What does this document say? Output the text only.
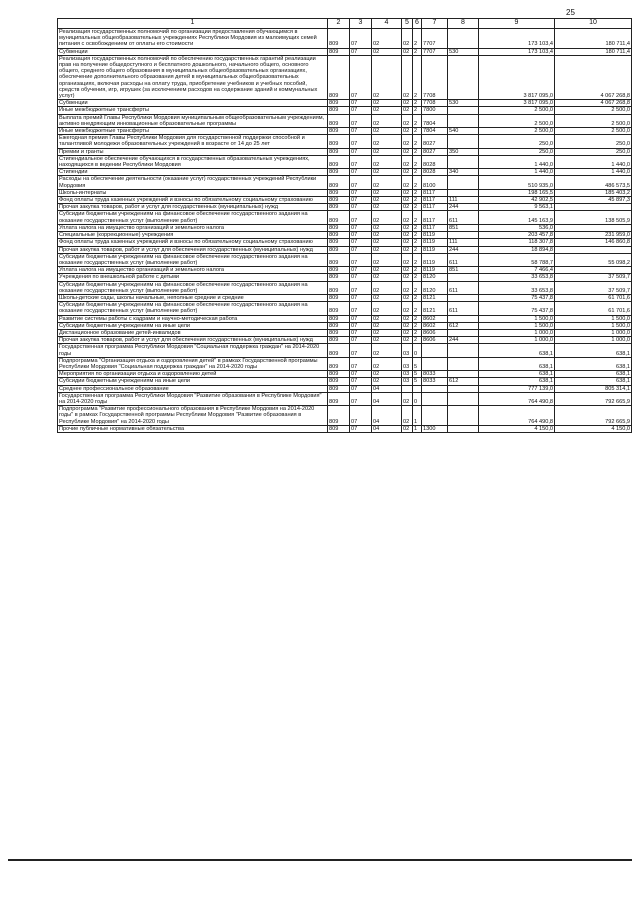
25
1	2	3	4	5	6	7	8	9	10
Реализация государственных полномочий по организации предоставления обучающимся в муниципальных общеобразовательных учреждениях Республики Мордовия из малоимущих семей питания с освобождением от оплаты его стоимости	809	07	02	02	2	7707		173 103,4	180 711,4
Субвенции	809	07	02	02	2	7707	530	173 103,4	180 711,4
Реализация государственных полномочий по обеспечению государственных гарантий реализации прав на получение общедоступного и бесплатного дошкольного, начального общего, основного общего, среднего общего образования в муниципальных общеобразовательных организациях, обеспечение дополнительного образования детей в муниципальных общеобразовательных организациях, включая расходы на оплату труда, приобретение учебников и учебных пособий, средств обучения, игр, игрушек (за исключением расходов на содержание зданий и коммунальных услуг)	809	07	02	02	2	7708		3 817 095,0	4 067 268,8
Субвенции	809	07	02	02	2	7708	530	3 817 095,0	4 067 268,8
Иные межбюджетные трансферты	809	07	02	02	2	7800		2 500,0	2 500,0
Выплата премий Главы Республики Мордовия муниципальным общеобразовательным учреждениям, активно внедряющим инновационные образовательные программы	809	07	02	02	2	7804		2 500,0	2 500,0
Иные межбюджетные трансферты	809	07	02	02	2	7804	540	2 500,0	2 500,0
Ежегодная премия Главы Республики Мордовия для государственной поддержки способной и талантливой молодежи образовательных учреждений в возрасте от 14 до 25 лет	809	07	02	02	2	8027		250,0	250,0
Премии и гранты	809	07	02	02	2	8027	350	250,0	250,0
Стипендиальное обеспечение обучающихся в государственных образовательных учреждениях, находящихся в ведении Республики Мордовия	809	07	02	02	2	8028		1 440,0	1 440,0
Стипендии	809	07	02	02	2	8028	340	1 440,0	1 440,0
Расходы на обеспечение деятельности (оказание услуг) государственных учреждений Республики Мордовия	809	07	02	02	2	8100		510 935,0	486 573,5
Школы-интернаты	809	07	02	02	2	8117		198 165,5	185 403,2
Фонд оплаты труда казенных учреждений и взносы по обязательному социальному страхованию	809	07	02	02	2	8117	111	42 902,5	45 897,3
Прочая закупка товаров, работ и услуг для государственных (муниципальных) нужд	809	07	02	02	2	8117	244	9 563,1	
Субсидии бюджетным учреждениям на финансовое обеспечение государственного задания на оказание государственных услуг (выполнение работ)	809	07	02	02	2	8117	611	145 163,9	138 505,9
Уплата налога на имущество организаций и земельного налога	809	07	02	02	2	8117	851	536,0	
Специальные (коррекционные) учреждения	809	07	02	02	2	8119		203 457,8	231 959,0
Фонд оплаты труда казенных учреждений и взносы по обязательному социальному страхованию	809	07	02	02	2	8119	111	118 307,8	146 860,8
Прочая закупка товаров, работ и услуг для обеспечения государственных (муниципальных) нужд	809	07	02	02	2	8119	244	18 894,8	
Субсидии бюджетным учреждениям на финансовое обеспечение государственного задания на оказание государственных услуг (выполнение работ)	809	07	02	02	2	8119	611	58 788,7	55 098,2
Уплата налога на имущество организаций и земельного налога	809	07	02	02	2	8119	851	7 466,4	
Учреждения по внешкольной работе с детьми	809	07	02	02	2	8120		33 653,8	37 509,7
Субсидии бюджетным учреждениям на финансовое обеспечение государственного задания на оказание государственных услуг (выполнение работ)	809	07	02	02	2	8120	611	33 653,8	37 509,7
Школы-детские сады, школы начальные, неполные средние и средние	809	07	02	02	2	8121		75 437,8	61 701,6
Субсидии бюджетным учреждениям на финансовое обеспечение государственного задания на оказание государственных услуг (выполнение работ)	809	07	02	02	2	8121	611	75 437,8	61 701,6
Развитие системы работы с кадрами и научно-методическая работа	809	07	02	02	2	8602		1 500,0	1 500,0
Субсидии бюджетным учреждениям на иные цели	809	07	02	02	2	8602	612	1 500,0	1 500,0
Дистанционное образование детей-инвалидов	809	07	02	02	2	8606		1 000,0	1 000,0
Прочая закупка товаров, работ и услуг для обеспечения государственных (муниципальных) нужд	809	07	02	02	2	8606	244	1 000,0	1 000,0
Государственная программа Республики Мордовия "Социальная поддержка граждан" на 2014-2020 годы	809	07	02	03	0			638,1	638,1
Подпрограмма "Организация отдыха и оздоровления детей" в рамках Государственной программы Республики Мордовия "Социальная поддержка граждан" на 2014-2020 годы	809	07	02	03	5			638,1	638,1
Мероприятия по организации отдыха и оздоровлению детей	809	07	02	03	5	8033		638,1	638,1
Субсидии бюджетным учреждениям на иные цели	809	07	02	03	5	8033	612	638,1	638,1
Среднее профессиональное образование	809	07	04					777 139,0	805 314,1
Государственная программа Республики Мордовия "Развитие образования в Республике Мордовия" на 2014-2020 годы	809	07	04	02	0			764 490,8	792 665,9
Подпрограмма "Развитие профессионального образования в Республике Мордовия на 2014-2020 годы" в рамках Государственной программы Республики Мордовия "Развитие образования в Республике Мордовия" на 2014-2020 годы	809	07	04	02	1			764 490,8	792 665,9
Прочие публичные нормативные обязательства	809	07	04	02	1	1300		4 150,0	4 150,0
